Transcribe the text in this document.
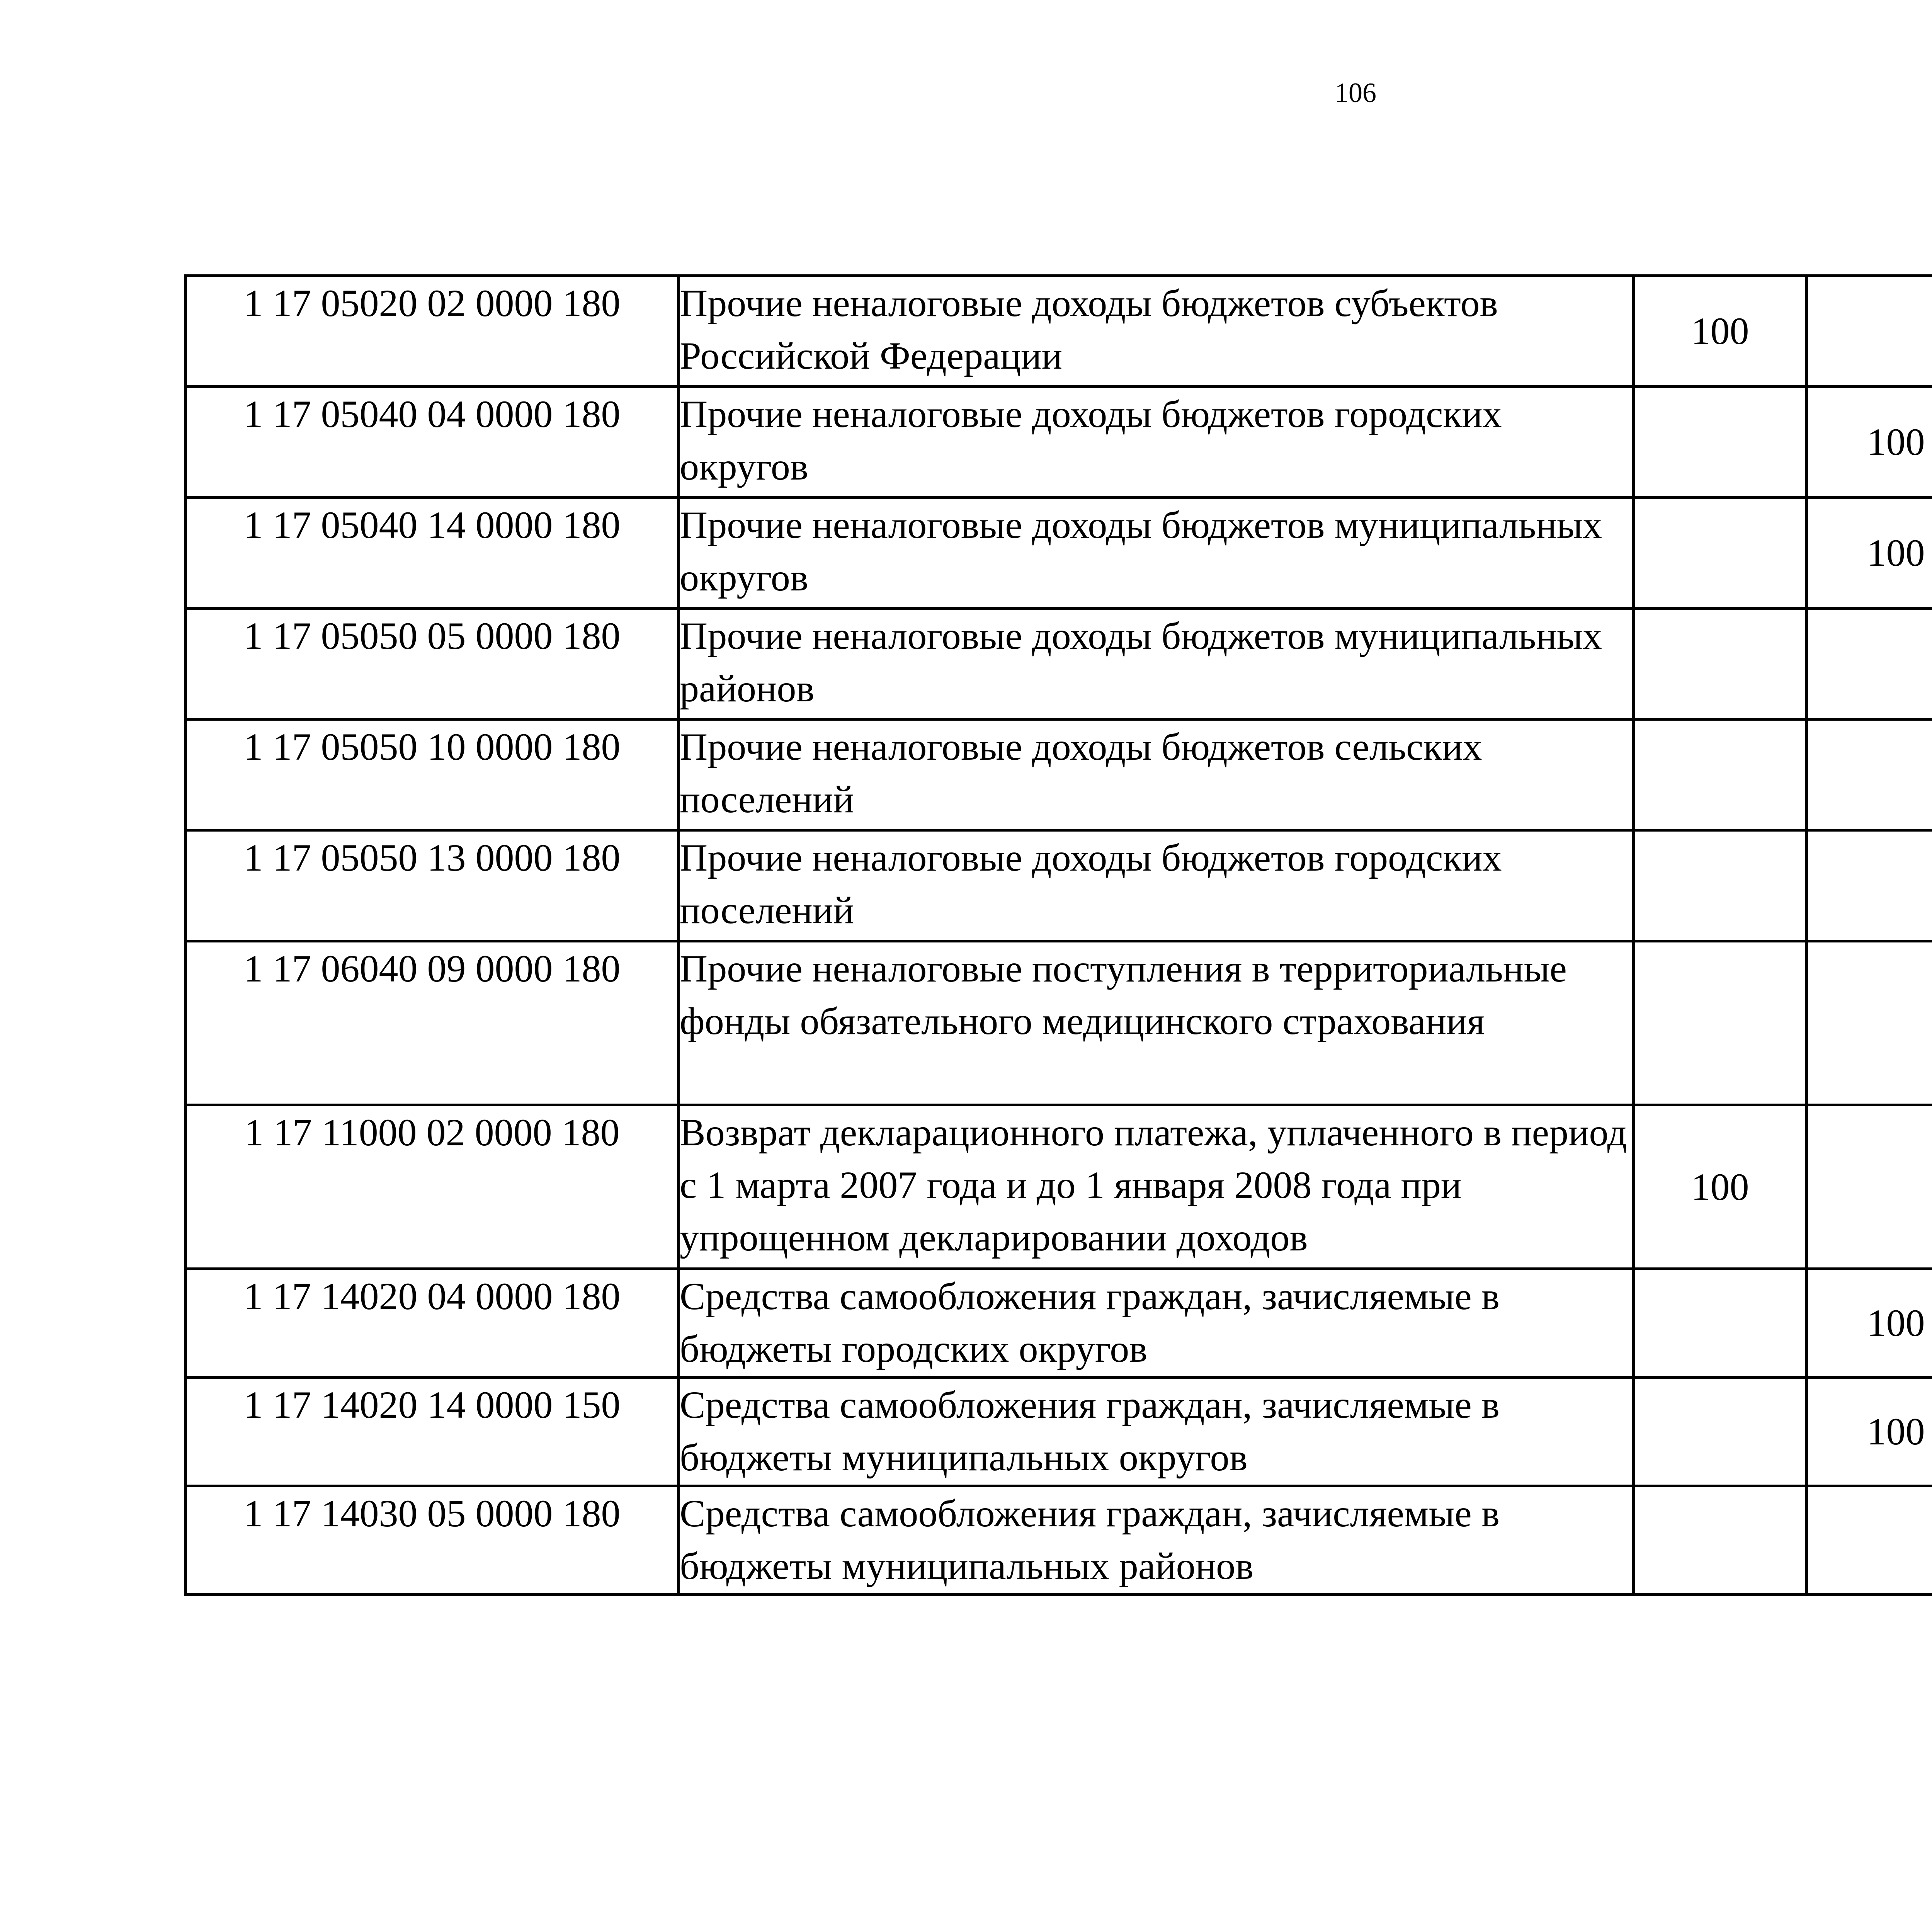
106
1 17 05020 02 0000 180	Прочие неналоговые доходы бюджетов субъектов Российской Федерации	100				
1 17 05040 04 0000 180	Прочие неналоговые доходы бюджетов городских округов		100			
1 17 05040 14 0000 180	Прочие неналоговые доходы бюджетов муниципальных округов		100			
1 17 05050 05 0000 180	Прочие неналоговые доходы бюджетов муниципальных районов					
1 17 05050 10 0000 180	Прочие неналоговые доходы бюджетов сельских поселений					
1 17 05050 13 0000 180	Прочие неналоговые доходы бюджетов городских поселений					
1 17 06040 09 0000 180	Прочие неналоговые поступления в территориальные фонды обязательного медицинского страхования					
1 17 11000 02 0000 180	Возврат декларационного платежа, уплаченного в период с 1 марта 2007 года и до 1 января 2008 года при упрощенном декларировании доходов	100				
1 17 14020 04 0000 180	Средства самообложения граждан, зачисляемые в бюджеты городских округов		100			
1 17 14020 14 0000 150	Средства самообложения граждан, зачисляемые в бюджеты муниципальных округов		100			
1 17 14030 05 0000 180	Средства самообложения граждан, зачисляемые в бюджеты муниципальных районов					
